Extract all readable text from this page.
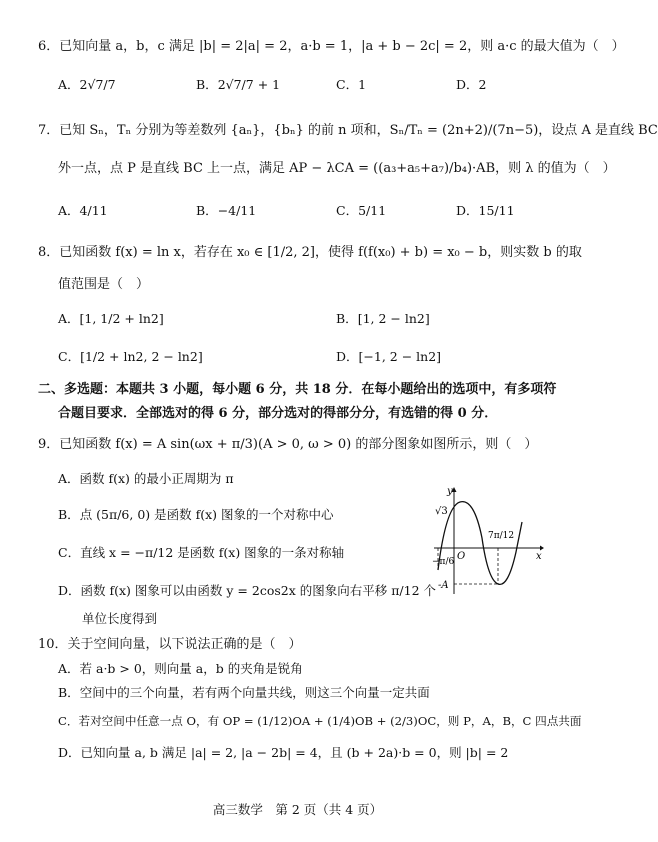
6．已知向量 a，b，c 满足 |b| = 2|a| = 2，a·b = 1，|a + b − 2c| = 2，则 a·c 的最大值为（　）
A．2√7/7	B．2√7/7 + 1	C．1	D．2
7．已知 Sₙ，Tₙ 分别为等差数列 {aₙ}，{bₙ} 的前 n 项和，Sₙ/Tₙ = (2n+2)/(7n−5)，设点 A 是直线 BC
外一点，点 P 是直线 BC 上一点，满足 AP − λCA = ((a₃+a₅+a₇)/b₄)·AB，则 λ 的值为（　）
A．4/11	B．−4/11	C．5/11	D．15/11
8．已知函数 f(x) = ln x，若存在 x₀ ∈ [1/2, 2]，使得 f(f(x₀) + b) = x₀ − b，则实数 b 的取
值范围是（　）
A．[1, 1/2 + ln2]	B．[1, 2 − ln2]
C．[1/2 + ln2, 2 − ln2]	D．[−1, 2 − ln2]
二、多选题：本题共 3 小题，每小题 6 分，共 18 分．在每小题给出的选项中，有多项符
合题目要求．全部选对的得 6 分，部分选对的得部分分，有选错的得 0 分．
9．已知函数 f(x) = A sin(ωx + π/3)(A > 0, ω > 0) 的部分图象如图所示，则（　）
A．函数 f(x) 的最小正周期为 π
B．点 (5π/6, 0) 是函数 f(x) 图象的一个对称中心
C．直线 x = −π/12 是函数 f(x) 图象的一条对称轴
D．函数 f(x) 图象可以由函数 y = 2cos2x 的图象向右平移 π/12 个
单位长度得到
y
x
O
√3
-A
−π/6
7π/12
10．关于空间向量，以下说法正确的是（　）
A．若 a·b > 0，则向量 a，b 的夹角是锐角
B．空间中的三个向量，若有两个向量共线，则这三个向量一定共面
C．若对空间中任意一点 O，有 OP = (1/12)OA + (1/4)OB + (2/3)OC，则 P，A，B，C 四点共面
D．已知向量 a, b 满足 |a| = 2, |a − 2b| = 4，且 (b + 2a)·b = 0，则 |b| = 2
高三数学　第 2 页（共 4 页）
